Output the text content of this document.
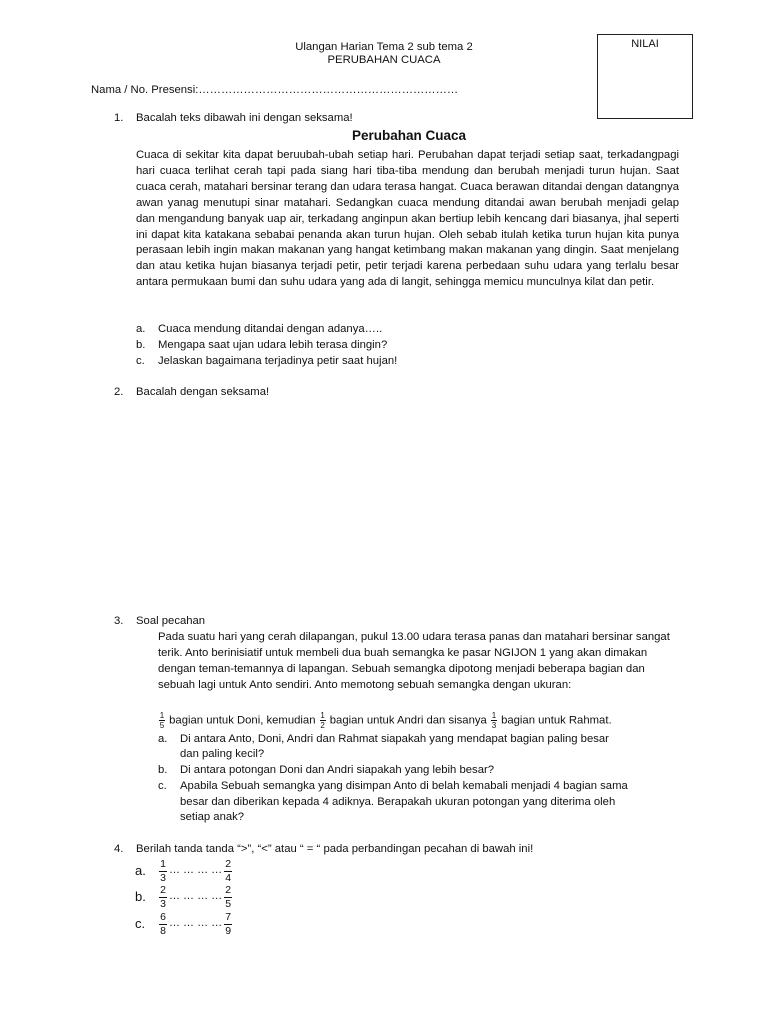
Ulangan Harian Tema 2 sub tema 2
PERUBAHAN CUACA
NILAI
Nama / No. Presensi:……………………………………………………………
1. Bacalah teks dibawah ini dengan seksama!
Perubahan Cuaca
Cuaca di sekitar kita dapat beruubah-ubah setiap hari. Perubahan dapat terjadi setiap saat, terkadangpagi hari cuaca terlihat cerah tapi pada siang hari tiba-tiba mendung dan berubah menjadi turun hujan. Saat cuaca cerah, matahari bersinar terang dan udara terasa hangat. Cuaca berawan ditandai dengan datangnya awan yanag menutupi sinar matahari. Sedangkan cuaca mendung ditandai awan berubah menjadi gelap dan mengandung banyak uap air, terkadang anginpun akan bertiup lebih kencang dari biasanya, jhal seperti ini dapat kita katakana sebabai penanda akan turun hujan. Oleh sebab itulah ketika turun hujan kita punya perasaan lebih ingin makan makanan yang hangat ketimbang makan makanan yang dingin. Saat menjelang dan atau ketika hujan biasanya terjadi petir, petir terjadi karena perbedaan suhu udara yang terlalu besar antara permukaan bumi dan suhu udara yang ada di langit, sehingga memicu munculnya kilat dan petir.
a. Cuaca mendung ditandai dengan adanya…..
b. Mengapa saat ujan udara lebih terasa dingin?
c. Jelaskan bagaimana terjadinya petir saat hujan!
2. Bacalah dengan seksama!
3. Soal pecahan
Pada suatu hari yang cerah dilapangan, pukul 13.00 udara terasa panas dan matahari bersinar sangat terik. Anto berinisiatif untuk membeli dua buah semangka ke pasar NGIJON 1 yang akan dimakan dengan teman-temannya di lapangan. Sebuah semangka dipotong menjadi beberapa bagian dan sebuah lagi untuk Anto sendiri. Anto memotong sebuah semangka dengan ukuran:
$\frac{1}{5}$ bagian untuk Doni, kemudian $\frac{1}{2}$ bagian untuk Andri dan sisanya $\frac{1}{3}$ bagian untuk Rahmat.
a. Di antara Anto, Doni, Andri dan Rahmat siapakah yang mendapat bagian paling besar
dan paling kecil?
b. Di antara potongan Doni dan Andri siapakah yang lebih besar?
c. Apabila Sebuah semangka yang disimpan Anto di belah kemabali menjadi 4 bagian sama
besar dan diberikan kepada 4 adiknya. Berapakah ukuran potongan yang diterima oleh
setiap anak?
4. Berilah tanda tanda “>”, “<” atau “ = “ pada perbandingan pecahan di bawah ini!
a.	1
3
… … … …
2
4
b.	2
3
… … … …
2
5
c.	6
8
… … … …
7
9
